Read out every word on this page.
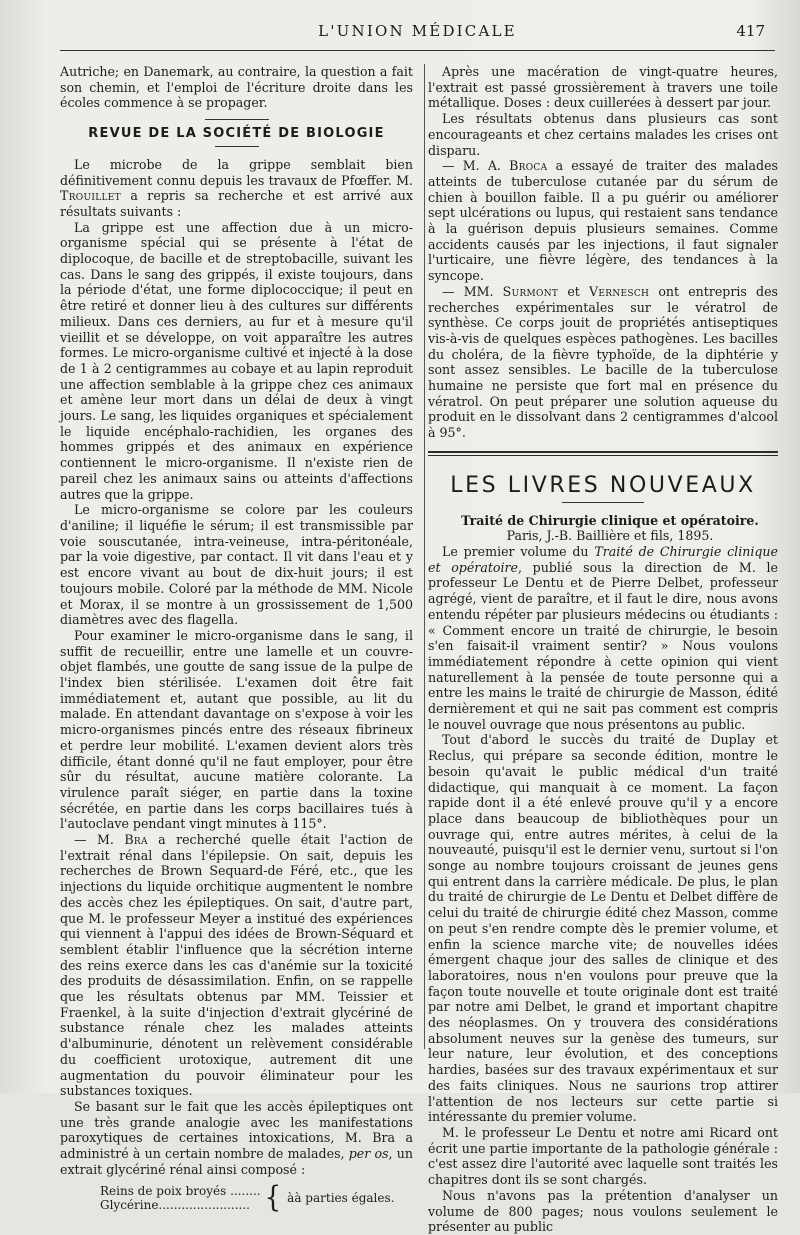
L'UNION MÉDICALE	417

Autriche; en Danemark, au contraire, la question a fait son chemin, et l'emploi de l'écriture droite dans les écoles commence à se propager.

REVUE DE LA SOCIÉTÉ DE BIOLOGIE

Le microbe de la grippe semblait bien définitivement connu depuis les travaux de Pfœffer. M. Trouillet a repris sa recherche et est arrivé aux résultats suivants :

La grippe est une affection due à un micro-organisme spécial qui se présente à l'état de diplocoque, de bacille et de streptobacille, suivant les cas. Dans le sang des grippés, il existe toujours, dans la période d'état, une forme diplococcique; il peut en être retiré et donner lieu à des cultures sur différents milieux. Dans ces derniers, au fur et à mesure qu'il vieillit et se développe, on voit apparaître les autres formes. Le micro-organisme cultivé et injecté à la dose de 1 à 2 centigrammes au cobaye et au lapin reproduit une affection semblable à la grippe chez ces animaux et amène leur mort dans un délai de deux à vingt jours. Le sang, les liquides organiques et spécialement le liquide encéphalo-rachidien, les organes des hommes grippés et des animaux en expérience contiennent le micro-organisme. Il n'existe rien de pareil chez les animaux sains ou atteints d'affections autres que la grippe.

Le micro-organisme se colore par les couleurs d'aniline; il liquéfie le sérum; il est transmissible par voie souscutanée, intra-veineuse, intra-péritonéale, par la voie digestive, par contact. Il vit dans l'eau et y est encore vivant au bout de dix-huit jours; il est toujours mobile. Coloré par la méthode de MM. Nicole et Morax, il se montre à un grossissement de 1,500 diamètres avec des flagella.

Pour examiner le micro-organisme dans le sang, il suffit de recueillir, entre une lamelle et un couvre-objet flambés, une goutte de sang issue de la pulpe de l'index bien stérilisée. L'examen doit être fait immédiatement et, autant que possible, au lit du malade. En attendant davantage on s'expose à voir les micro-organismes pincés entre des réseaux fibrineux et perdre leur mobilité. L'examen devient alors très difficile, étant donné qu'il ne faut employer, pour être sûr du résultat, aucune matière colorante. La virulence paraît siéger, en partie dans la toxine sécrétée, en partie dans les corps bacillaires tués à l'autoclave pendant vingt minutes à 115°.

— M. Bra a recherché quelle était l'action de l'extrait rénal dans l'épilepsie. On sait, depuis les recherches de Brown Sequard-de Féré, etc., que les injections du liquide orchitique augmentent le nombre des accès chez les épileptiques. On sait, d'autre part, que M. le professeur Meyer a institué des expériences qui viennent à l'appui des idées de Brown-Séquard et semblent établir l'influence que la sécrétion interne des reins exerce dans les cas d'anémie sur la toxicité des produits de désassimilation. Enfin, on se rappelle que les résultats obtenus par MM. Teissier et Fraenkel, à la suite d'injection d'extrait glycériné de substance rénale chez les malades atteints d'albuminurie, dénotent un relèvement considérable du coefficient urotoxique, autrement dit une augmentation du pouvoir éliminateur pour les substances toxiques.

Se basant sur le fait que les accès épileptiques ont une très grande analogie avec les manifestations paroxytiques de certaines intoxications, M. Bra a administré à un certain nombre de malades, per os, un extrait glycériné rénal ainsi composé :

Reins de poix broyés ........
Glycérine........................ { àà parties égales.

Après une macération de vingt-quatre heures, l'extrait est passé grossièrement à travers une toile métallique. Doses : deux cuillerées à dessert par jour.

Les résultats obtenus dans plusieurs cas sont encourageants et chez certains malades les crises ont disparu.

— M. A. Broca a essayé de traiter des malades atteints de tuberculose cutanée par du sérum de chien à bouillon faible. Il a pu guérir ou améliorer sept ulcérations ou lupus, qui restaient sans tendance à la guérison depuis plusieurs semaines. Comme accidents causés par les injections, il faut signaler l'urticaire, une fièvre légère, des tendances à la syncope.

— MM. Surmont et Vernesch ont entrepris des recherches expérimentales sur le vératrol de synthèse. Ce corps jouit de propriétés antiseptiques vis-à-vis de quelques espèces pathogènes. Les bacilles du choléra, de la fièvre typhoïde, de la diphtérie y sont assez sensibles. Le bacille de la tuberculose humaine ne persiste que fort mal en présence du vératrol. On peut préparer une solution aqueuse du produit en le dissolvant dans 2 centigrammes d'alcool à 95°.

LES LIVRES NOUVEAUX

Traité de Chirurgie clinique et opératoire.

Paris, J.-B. Baillière et fils, 1895.

Le premier volume du Traité de Chirurgie clinique et opératoire, publié sous la direction de M. le professeur Le Dentu et de Pierre Delbet, professeur agrégé, vient de paraître, et il faut le dire, nous avons entendu répéter par plusieurs médecins ou étudiants : « Comment encore un traité de chirurgie, le besoin s'en faisait-il vraiment sentir? » Nous voulons immédiatement répondre à cette opinion qui vient naturellement à la pensée de toute personne qui a entre les mains le traité de chirurgie de Masson, édité dernièrement et qui ne sait pas comment est compris le nouvel ouvrage que nous présentons au public.

Tout d'abord le succès du traité de Duplay et Reclus, qui prépare sa seconde édition, montre le besoin qu'avait le public médical d'un traité didactique, qui manquait à ce moment. La façon rapide dont il a été enlevé prouve qu'il y a encore place dans beaucoup de bibliothèques pour un ouvrage qui, entre autres mérites, à celui de la nouveauté, puisqu'il est le dernier venu, surtout si l'on songe au nombre toujours croissant de jeunes gens qui entrent dans la carrière médicale. De plus, le plan du traité de chirurgie de Le Dentu et Delbet diffère de celui du traité de chirurgie édité chez Masson, comme on peut s'en rendre compte dès le premier volume, et enfin la science marche vite; de nouvelles idées émergent chaque jour des salles de clinique et des laboratoires, nous n'en voulons pour preuve que la façon toute nouvelle et toute originale dont est traité par notre ami Delbet, le grand et important chapitre des néoplasmes. On y trouvera des considérations absolument neuves sur la genèse des tumeurs, sur leur nature, leur évolution, et des conceptions hardies, basées sur des travaux expérimentaux et sur des faits cliniques. Nous ne saurions trop attirer l'attention de nos lecteurs sur cette partie si intéressante du premier volume.

M. le professeur Le Dentu et notre ami Ricard ont écrit une partie importante de la pathologie générale : c'est assez dire l'autorité avec laquelle sont traités les chapitres dont ils se sont chargés.

Nous n'avons pas la prétention d'analyser un volume de 800 pages; nous voulons seulement le présenter au public
